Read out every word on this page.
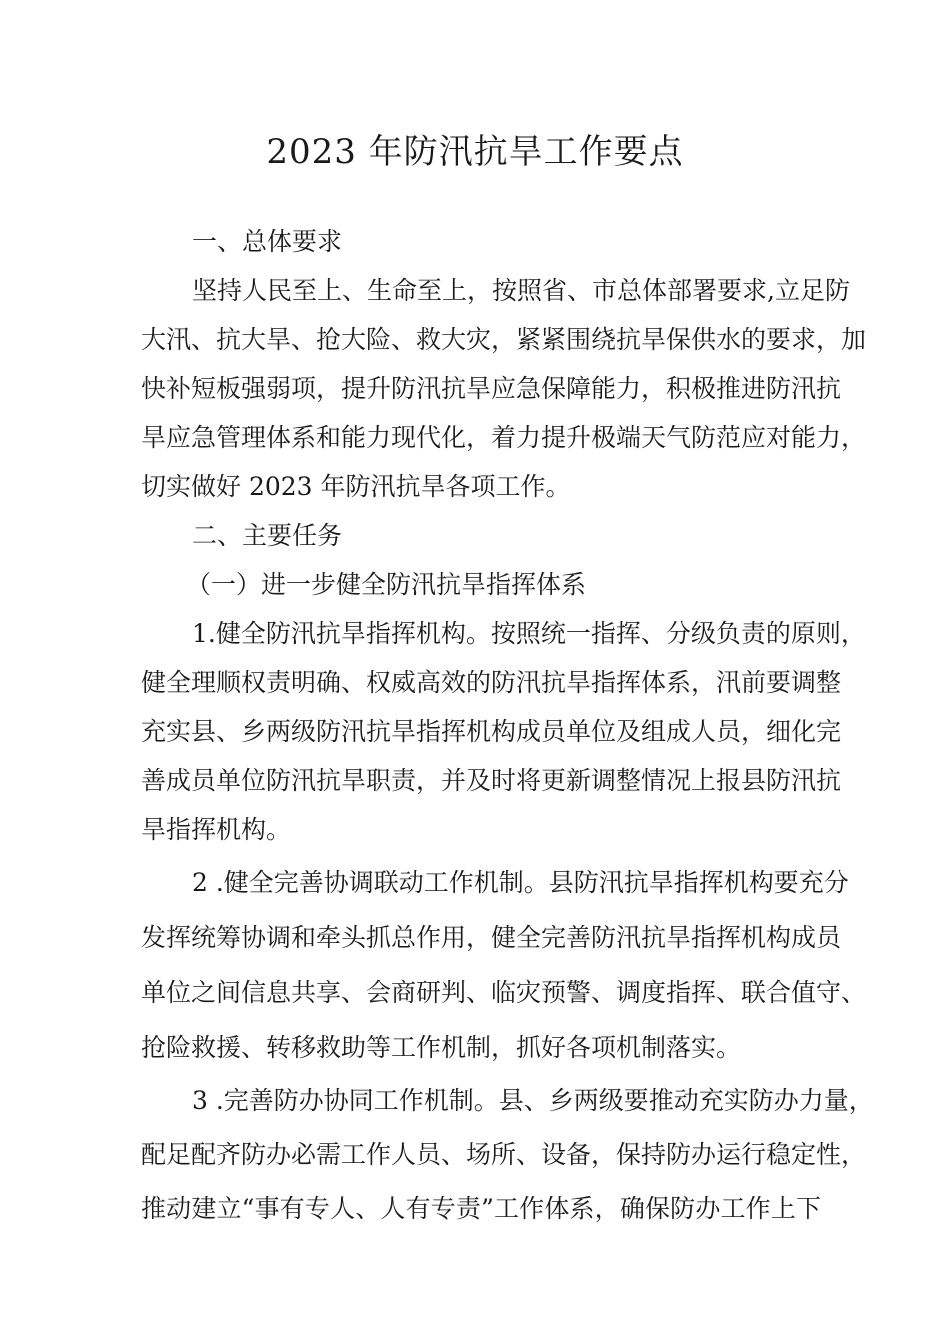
2023 年防汛抗旱工作要点
一、总体要求
坚持人民至上、生命至上，按照省、市总体部署要求,立足防
大汛、抗大旱、抢大险、救大灾，紧紧围绕抗旱保供水的要求，加
快补短板强弱项，提升防汛抗旱应急保障能力，积极推进防汛抗
旱应急管理体系和能力现代化，着力提升极端天气防范应对能力，
切实做好 2023 年防汛抗旱各项工作。
二、主要任务
（一）进一步健全防汛抗旱指挥体系
1.健全防汛抗旱指挥机构。按照统一指挥、分级负责的原则，
健全理顺权责明确、权威高效的防汛抗旱指挥体系，汛前要调整
充实县、乡两级防汛抗旱指挥机构成员单位及组成人员，细化完
善成员单位防汛抗旱职责，并及时将更新调整情况上报县防汛抗
旱指挥机构。
2 .健全完善协调联动工作机制。县防汛抗旱指挥机构要充分
发挥统筹协调和牵头抓总作用，健全完善防汛抗旱指挥机构成员
单位之间信息共享、会商研判、临灾预警、调度指挥、联合值守、
抢险救援、转移救助等工作机制，抓好各项机制落实。
3 .完善防办协同工作机制。县、乡两级要推动充实防办力量，
配足配齐防办必需工作人员、场所、设备，保持防办运行稳定性，
推动建立“事有专人、人有专责”工作体系，确保防办工作上下
